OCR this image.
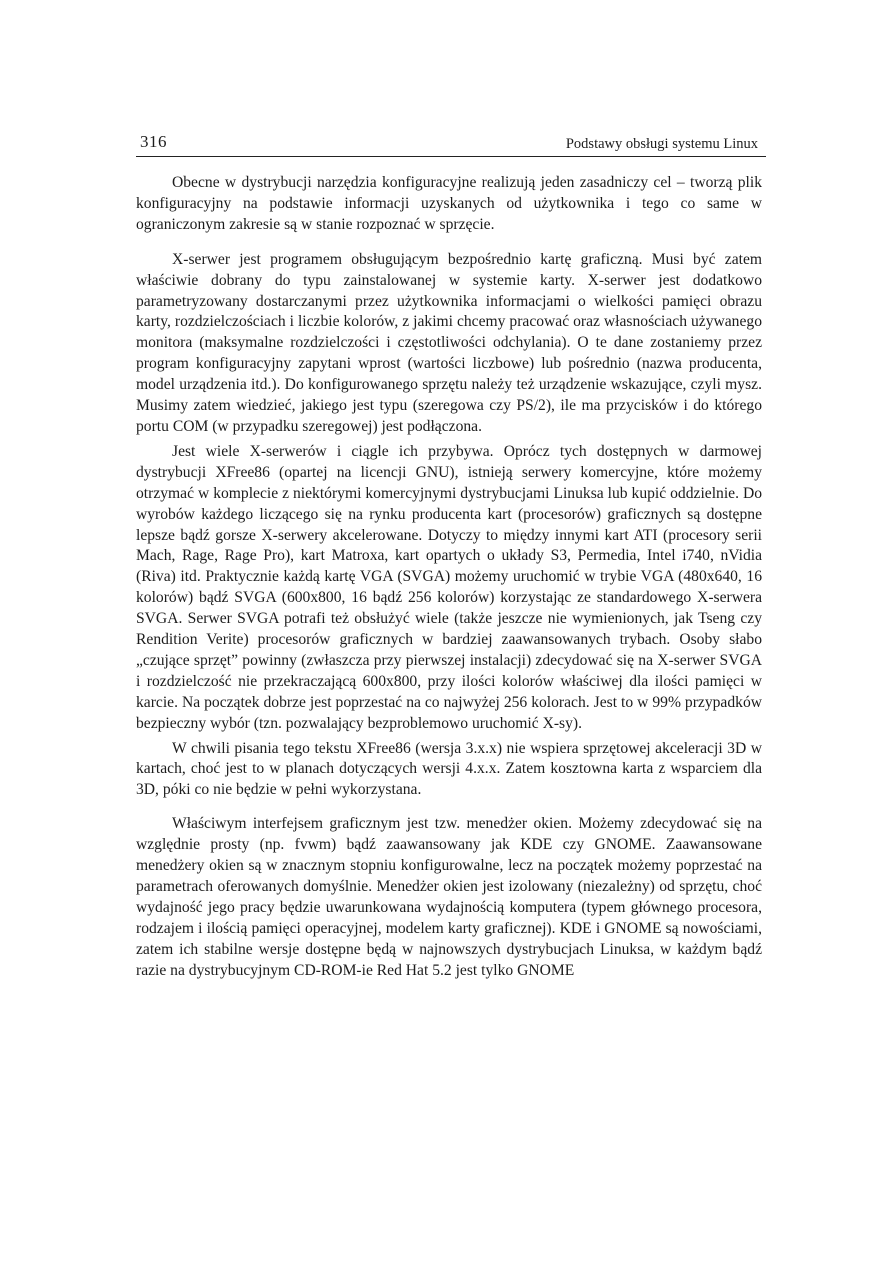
316	Podstawy obsługi systemu Linux

Obecne w dystrybucji narzędzia konfiguracyjne realizują jeden zasadniczy cel – tworzą plik konfiguracyjny na podstawie informacji uzyskanych od użytkownika i tego co same w ograniczonym zakresie są w stanie rozpoznać w sprzęcie.

X-serwer jest programem obsługującym bezpośrednio kartę graficzną. Musi być zatem właściwie dobrany do typu zainstalowanej w systemie karty. X-serwer jest dodatkowo parametryzowany dostarczanymi przez użytkownika informacjami o wielkości pamięci obrazu karty, rozdzielczościach i liczbie kolorów, z jakimi chcemy pracować oraz własnościach używanego monitora (maksymalne rozdzielczości i częstotliwości odchylania). O te dane zostaniemy przez program konfiguracyjny zapytani wprost (wartości liczbowe) lub pośrednio (nazwa producenta, model urządzenia itd.). Do konfigurowanego sprzętu należy też urządzenie wskazujące, czyli mysz. Musimy zatem wiedzieć, jakiego jest typu (szeregowa czy PS/2), ile ma przycisków i do którego portu COM (w przypadku szeregowej) jest podłączona.

Jest wiele X-serwerów i ciągle ich przybywa. Oprócz tych dostępnych w darmowej dystrybucji XFree86 (opartej na licencji GNU), istnieją serwery komercyjne, które możemy otrzymać w komplecie z niektórymi komercyjnymi dystrybucjami Linuksa lub kupić oddzielnie. Do wyrobów każdego liczącego się na rynku producenta kart (procesorów) graficznych są dostępne lepsze bądź gorsze X-serwery akcelerowane. Dotyczy to między innymi kart ATI (procesory serii Mach, Rage, Rage Pro), kart Matroxa, kart opartych o układy S3, Permedia, Intel i740, nVidia (Riva) itd. Praktycznie każdą kartę VGA (SVGA) możemy uruchomić w trybie VGA (480x640, 16 kolorów) bądź SVGA (600x800, 16 bądź 256 kolorów) korzystając ze standardowego X-serwera SVGA. Serwer SVGA potrafi też obsłużyć wiele (także jeszcze nie wymienionych, jak Tseng czy Rendition Verite) procesorów graficznych w bardziej zaawansowanych trybach. Osoby słabo „czujące sprzęt” powinny (zwłaszcza przy pierwszej instalacji) zdecydować się na X-serwer SVGA i rozdzielczość nie przekraczającą 600x800, przy ilości kolorów właściwej dla ilości pamięci w karcie. Na początek dobrze jest poprzestać na co najwyżej 256 kolorach. Jest to w 99% przypadków bezpieczny wybór (tzn. pozwalający bezproblemowo uruchomić X-sy).

W chwili pisania tego tekstu XFree86 (wersja 3.x.x) nie wspiera sprzętowej akceleracji 3D w kartach, choć jest to w planach dotyczących wersji 4.x.x. Zatem kosztowna karta z wsparciem dla 3D, póki co nie będzie w pełni wykorzystana.

Właściwym interfejsem graficznym jest tzw. menedżer okien. Możemy zdecydować się na względnie prosty (np. fvwm) bądź zaawansowany jak KDE czy GNOME. Zaawansowane menedżery okien są w znacznym stopniu konfigurowalne, lecz na początek możemy poprzestać na parametrach oferowanych domyślnie. Menedżer okien jest izolowany (niezależny) od sprzętu, choć wydajność jego pracy będzie uwarunkowana wydajnością komputera (typem głównego procesora, rodzajem i ilością pamięci operacyjnej, modelem karty graficznej). KDE i GNOME są nowościami, zatem ich stabilne wersje dostępne będą w najnowszych dystrybucjach Linuksa, w każdym bądź razie na dystrybucyjnym CD-ROM-ie Red Hat 5.2 jest tylko GNOME
